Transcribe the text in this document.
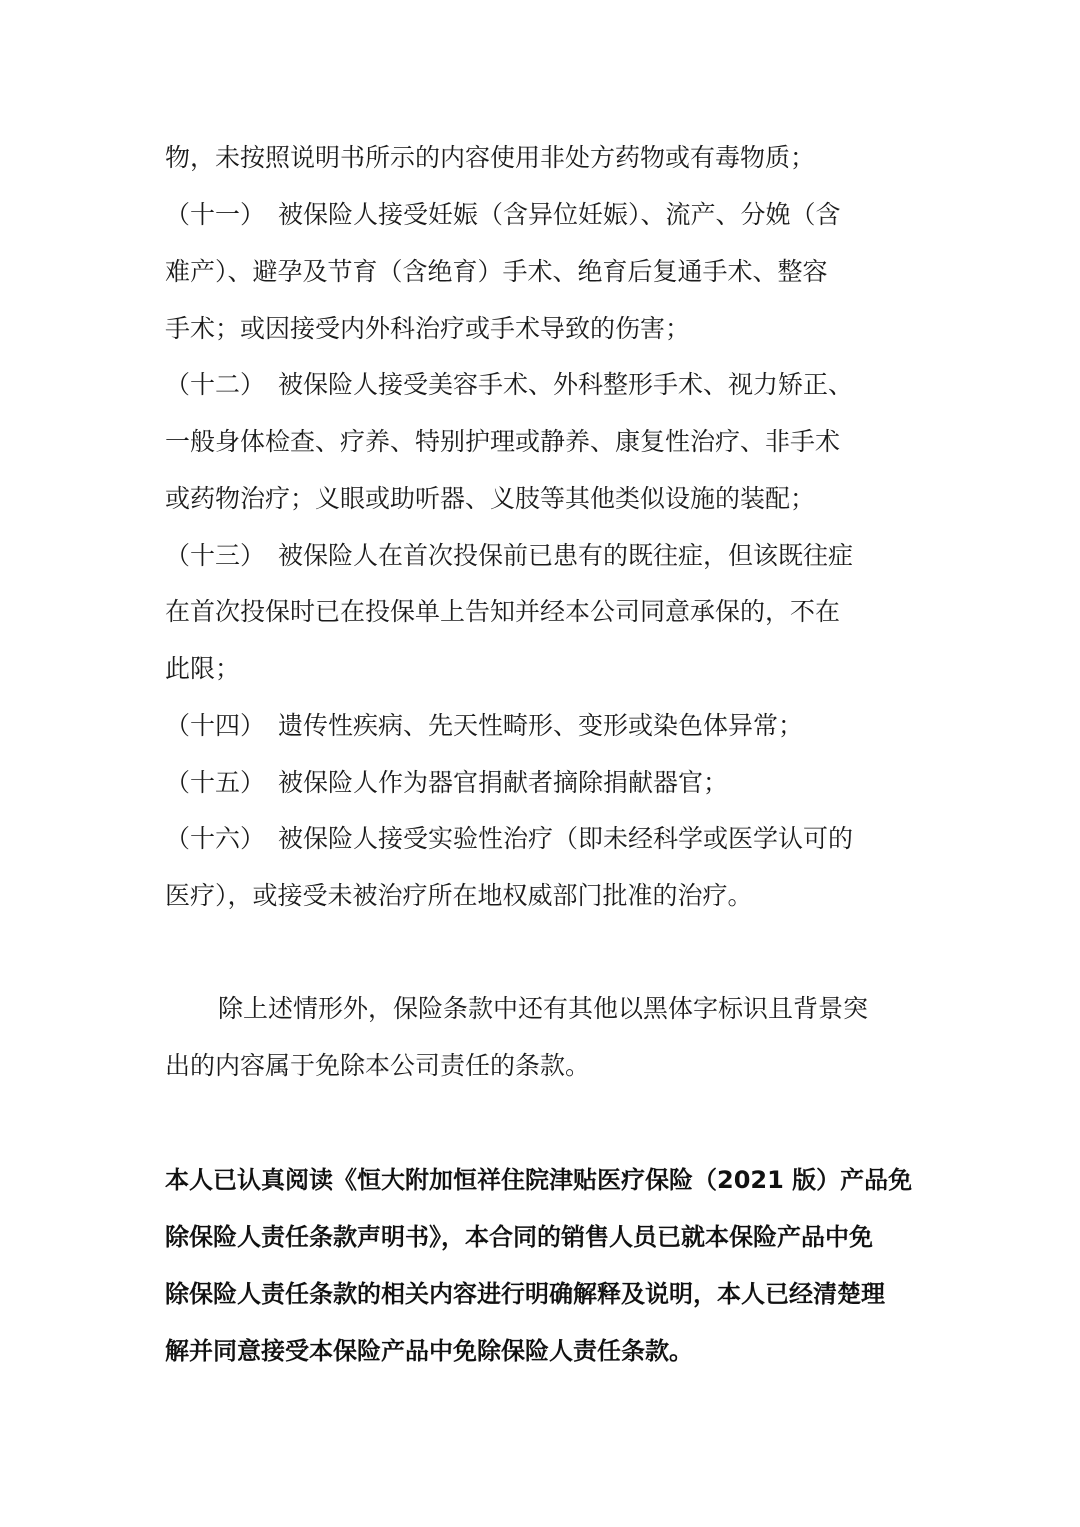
物，未按照说明书所示的内容使用非处方药物或有毒物质；
（十一） 被保险人接受妊娠（含异位妊娠）、流产、分娩（含
难产）、避孕及节育（含绝育）手术、绝育后复通手术、整容
手术；或因接受内外科治疗或手术导致的伤害；
（十二） 被保险人接受美容手术、外科整形手术、视力矫正、
一般身体检查、疗养、特别护理或静养、康复性治疗、非手术
或药物治疗；义眼或助听器、义肢等其他类似设施的装配；
（十三） 被保险人在首次投保前已患有的既往症，但该既往症
在首次投保时已在投保单上告知并经本公司同意承保的，不在
此限；
（十四） 遗传性疾病、先天性畸形、变形或染色体异常；
（十五） 被保险人作为器官捐献者摘除捐献器官；
（十六） 被保险人接受实验性治疗（即未经科学或医学认可的
医疗），或接受未被治疗所在地权威部门批准的治疗。
除上述情形外，保险条款中还有其他以黑体字标识且背景突
出的内容属于免除本公司责任的条款。
本人已认真阅读《恒大附加恒祥住院津贴医疗保险（2021 版）产品免
除保险人责任条款声明书》，本合同的销售人员已就本保险产品中免
除保险人责任条款的相关内容进行明确解释及说明，本人已经清楚理
解并同意接受本保险产品中免除保险人责任条款。
